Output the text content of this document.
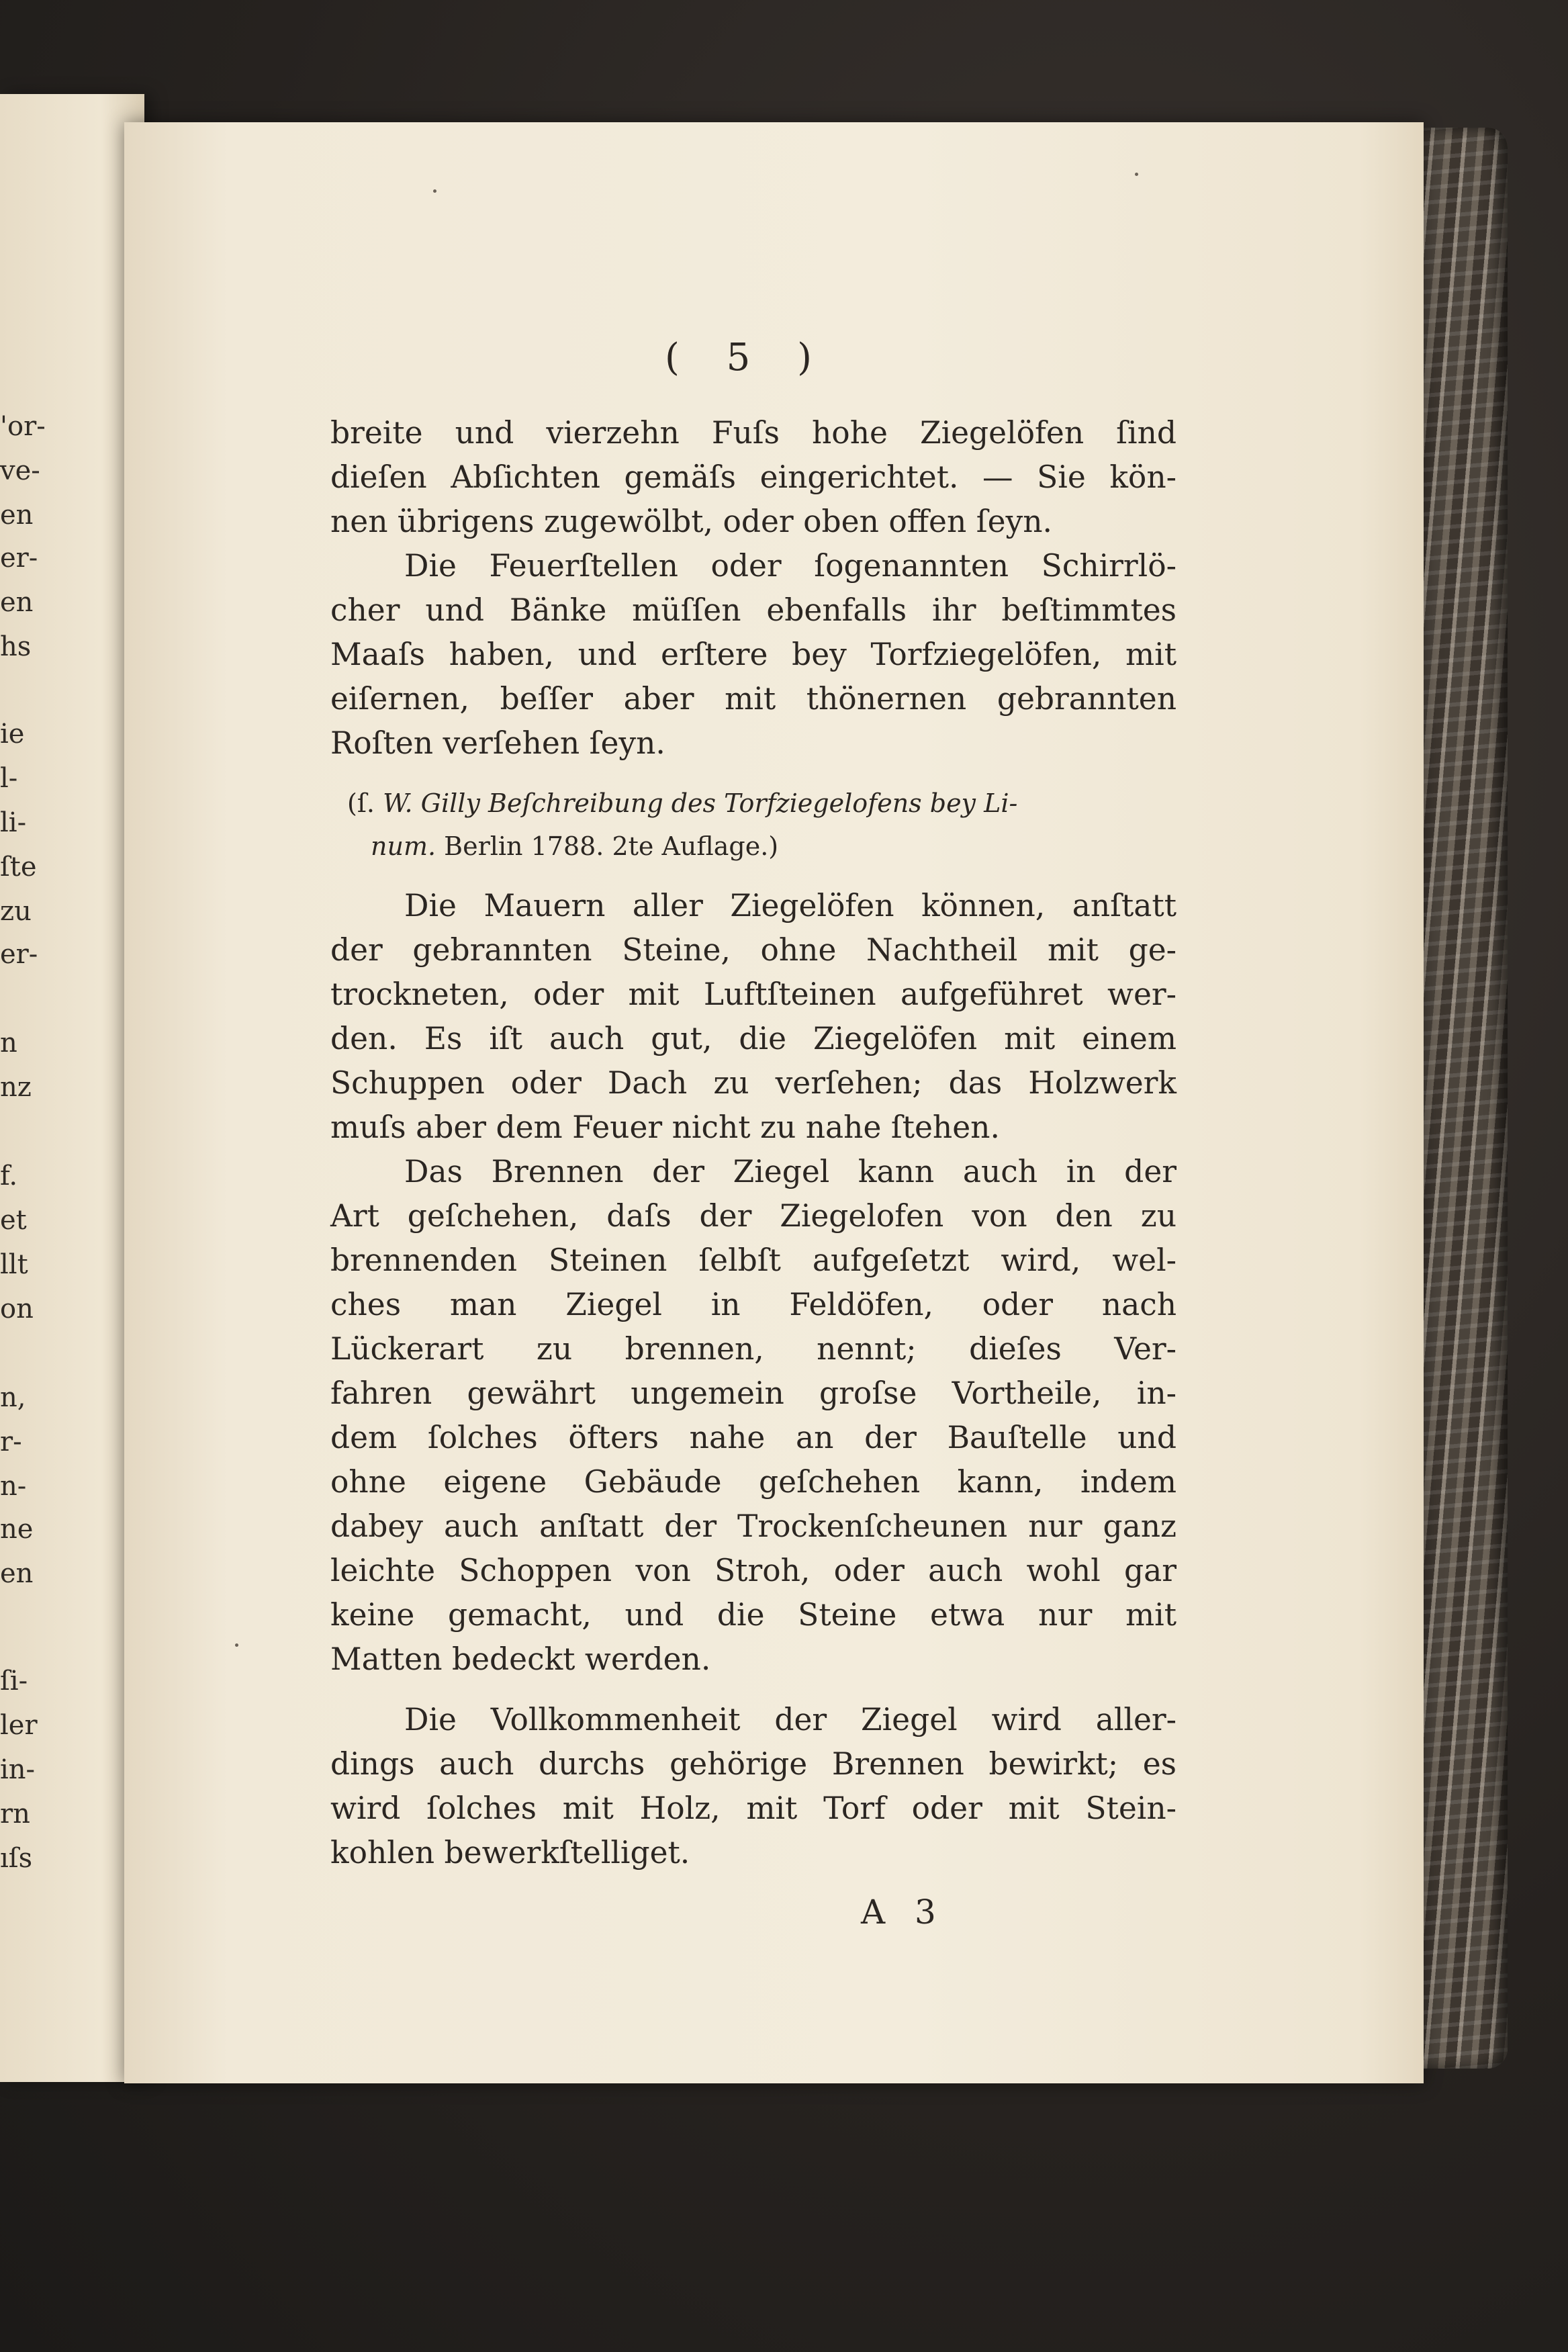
'or-
ve-
en
er-
en
hs
ie
l-
li-
ſte
zu
er-
n
nz
f.
et
llt
on
n,
r-
n-
ne
en
ſi-
ler
in-
rn
ıſs
( 5 )
breite und vierzehn Fuſs hohe Ziegelöfen ſind
dieſen Abſichten gemäſs eingerichtet. — Sie kön-
nen übrigens zugewölbt, oder oben offen ſeyn.
Die Feuerſtellen oder ſogenannten Schirrlö-
cher und Bänke müſſen ebenfalls ihr beſtimmtes
Maaſs haben, und erſtere bey Torfziegelöfen, mit
eiſernen, beſſer aber mit thönernen gebrannten
Roſten verſehen ſeyn.
(ſ. W. Gilly Beſchreibung des Torfziegelofens bey Li-
num. Berlin 1788. 2te Auflage.)
Die Mauern aller Ziegelöfen können, anſtatt
der gebrannten Steine, ohne Nachtheil mit ge-
trockneten, oder mit Luftſteinen aufgeführet wer-
den. Es iſt auch gut, die Ziegelöfen mit einem
Schuppen oder Dach zu verſehen; das Holzwerk
muſs aber dem Feuer nicht zu nahe ſtehen.
Das Brennen der Ziegel kann auch in der
Art geſchehen, daſs der Ziegelofen von den zu
brennenden Steinen ſelbſt aufgeſetzt wird, wel-
ches man Ziegel in Feldöfen, oder nach
Lückerart zu brennen, nennt; dieſes Ver-
fahren gewährt ungemein groſse Vortheile, in-
dem ſolches öfters nahe an der Bauſtelle und
ohne eigene Gebäude geſchehen kann, indem
dabey auch anſtatt der Trockenſcheunen nur ganz
leichte Schoppen von Stroh, oder auch wohl gar
keine gemacht, und die Steine etwa nur mit
Matten bedeckt werden.
Die Vollkommenheit der Ziegel wird aller-
dings auch durchs gehörige Brennen bewirkt; es
wird ſolches mit Holz, mit Torf oder mit Stein-
kohlen bewerkſtelliget.
A 3
